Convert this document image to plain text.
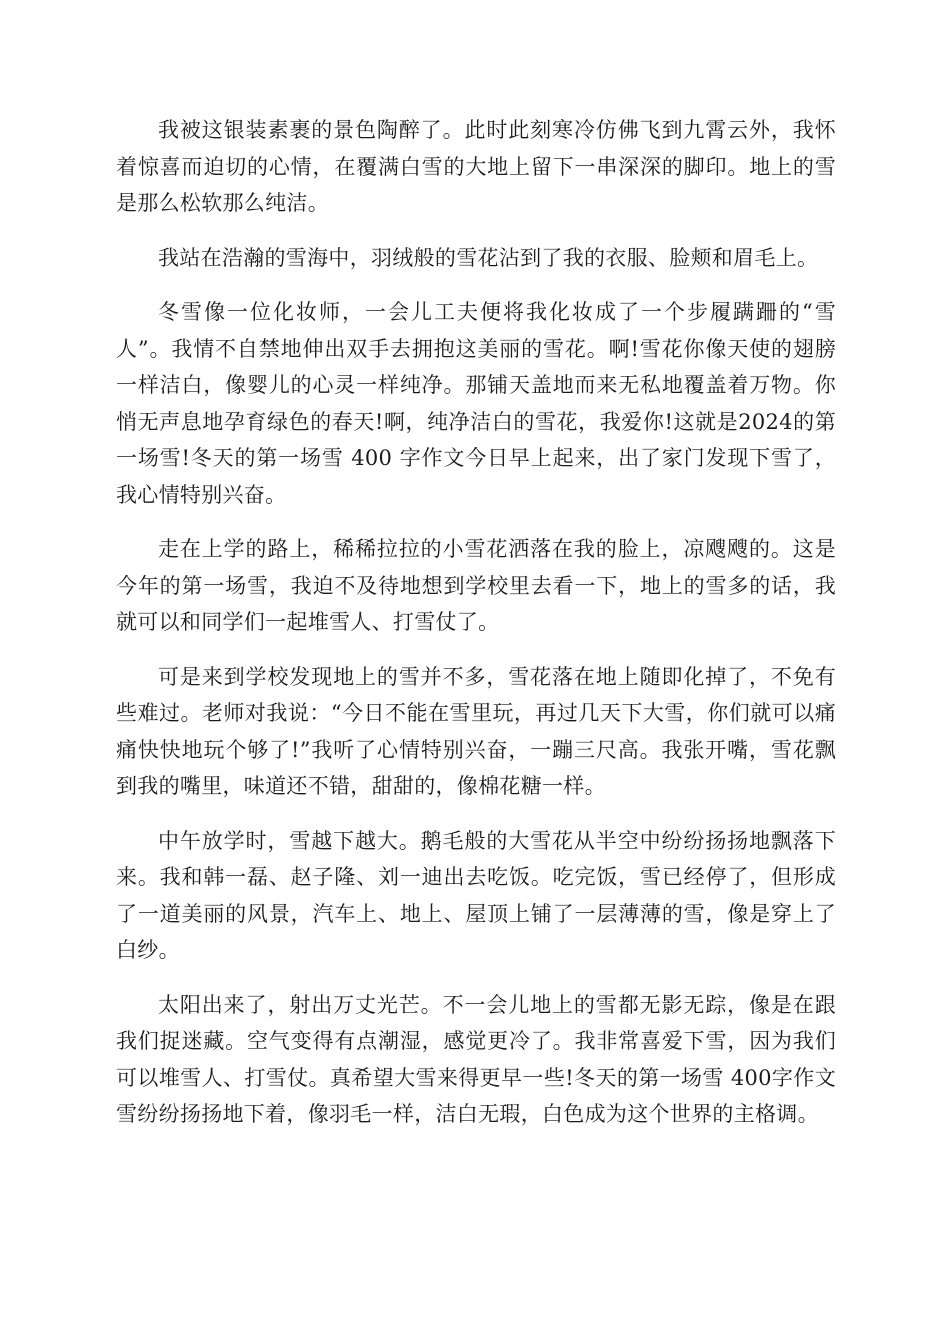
我被这银装素裹的景色陶醉了。此时此刻寒冷仿佛飞到九霄云外，我怀着惊喜而迫切的心情，在覆满白雪的大地上留下一串深深的脚印。地上的雪是那么松软那么纯洁。

我站在浩瀚的雪海中，羽绒般的雪花沾到了我的衣服、脸颊和眉毛上。

冬雪像一位化妆师，一会儿工夫便将我化妆成了一个步履蹒跚的“雪人”。我情不自禁地伸出双手去拥抱这美丽的雪花。啊!雪花你像天使的翅膀一样洁白，像婴儿的心灵一样纯净。那铺天盖地而来无私地覆盖着万物。你悄无声息地孕育绿色的春天!啊，纯净洁白的雪花，我爱你!这就是2024的第一场雪!冬天的第一场雪 400 字作文今日早上起来，出了家门发现下雪了，我心情特别兴奋。

走在上学的路上，稀稀拉拉的小雪花洒落在我的脸上，凉飕飕的。这是今年的第一场雪，我迫不及待地想到学校里去看一下，地上的雪多的话，我就可以和同学们一起堆雪人、打雪仗了。

可是来到学校发现地上的雪并不多，雪花落在地上随即化掉了，不免有些难过。老师对我说：“今日不能在雪里玩，再过几天下大雪，你们就可以痛痛快快地玩个够了!”我听了心情特别兴奋，一蹦三尺高。我张开嘴，雪花飘到我的嘴里，味道还不错，甜甜的，像棉花糖一样。

中午放学时，雪越下越大。鹅毛般的大雪花从半空中纷纷扬扬地飘落下来。我和韩一磊、赵子隆、刘一迪出去吃饭。吃完饭，雪已经停了，但形成了一道美丽的风景，汽车上、地上、屋顶上铺了一层薄薄的雪，像是穿上了白纱。

太阳出来了，射出万丈光芒。不一会儿地上的雪都无影无踪，像是在跟我们捉迷藏。空气变得有点潮湿，感觉更冷了。我非常喜爱下雪，因为我们可以堆雪人、打雪仗。真希望大雪来得更早一些!冬天的第一场雪 400字作文雪纷纷扬扬地下着，像羽毛一样，洁白无瑕，白色成为这个世界的主格调。
